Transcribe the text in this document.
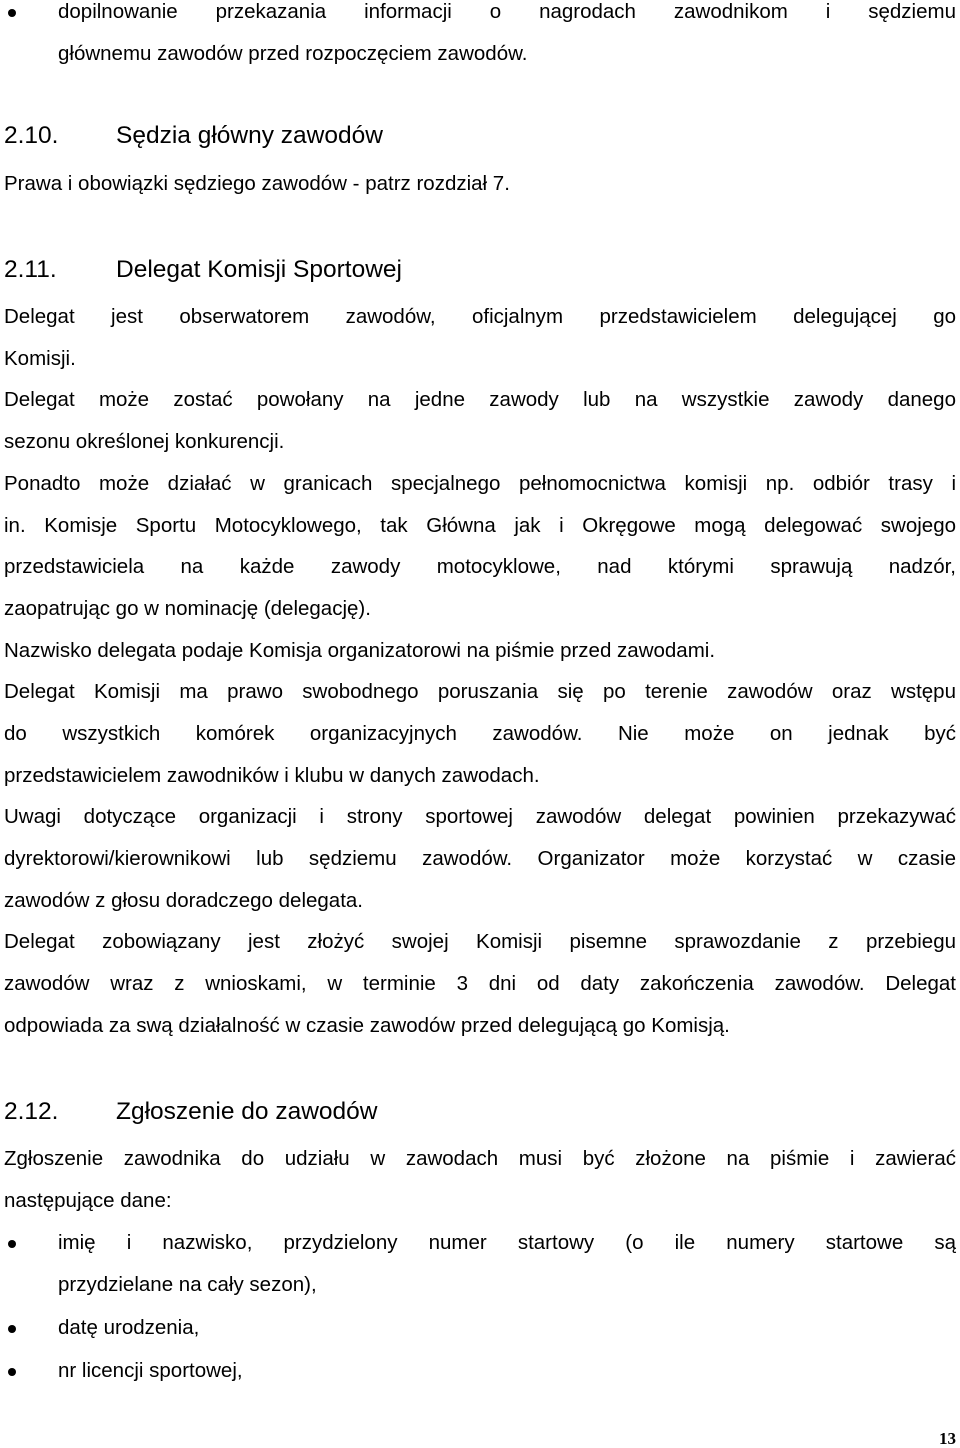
dopilnowanie przekazania informacji o nagrodach zawodnikom i sędziemu
głównemu zawodów przed rozpoczęciem zawodów.
2.10. Sędzia główny zawodów
Prawa i obowiązki sędziego zawodów - patrz rozdział 7.
2.11. Delegat Komisji Sportowej
Delegat jest obserwatorem zawodów, oficjalnym przedstawicielem delegującej go
Komisji.
Delegat może zostać powołany na jedne zawody lub na wszystkie zawody danego
sezonu określonej konkurencji.
Ponadto może działać w granicach specjalnego pełnomocnictwa komisji np. odbiór trasy i
in. Komisje Sportu Motocyklowego, tak Główna jak i Okręgowe mogą delegować swojego
przedstawiciela na każde zawody motocyklowe, nad którymi sprawują nadzór,
zaopatrując go w nominację (delegację).
Nazwisko delegata podaje Komisja organizatorowi na piśmie przed zawodami.
Delegat Komisji ma prawo swobodnego poruszania się po terenie zawodów oraz wstępu
do wszystkich komórek organizacyjnych zawodów. Nie może on jednak być
przedstawicielem zawodników i klubu w danych zawodach.
Uwagi dotyczące organizacji i strony sportowej zawodów delegat powinien przekazywać
dyrektorowi/kierownikowi lub sędziemu zawodów. Organizator może korzystać w czasie
zawodów z głosu doradczego delegata.
Delegat zobowiązany jest złożyć swojej Komisji pisemne sprawozdanie z przebiegu
zawodów wraz z wnioskami, w terminie 3 dni od daty zakończenia zawodów. Delegat
odpowiada za swą działalność w czasie zawodów przed delegującą go Komisją.
2.12. Zgłoszenie do zawodów
Zgłoszenie zawodnika do udziału w zawodach musi być złożone na piśmie i zawierać
następujące dane:
imię i nazwisko, przydzielony numer startowy (o ile numery startowe są
przydzielane na cały sezon),
datę urodzenia,
nr licencji sportowej,
13
